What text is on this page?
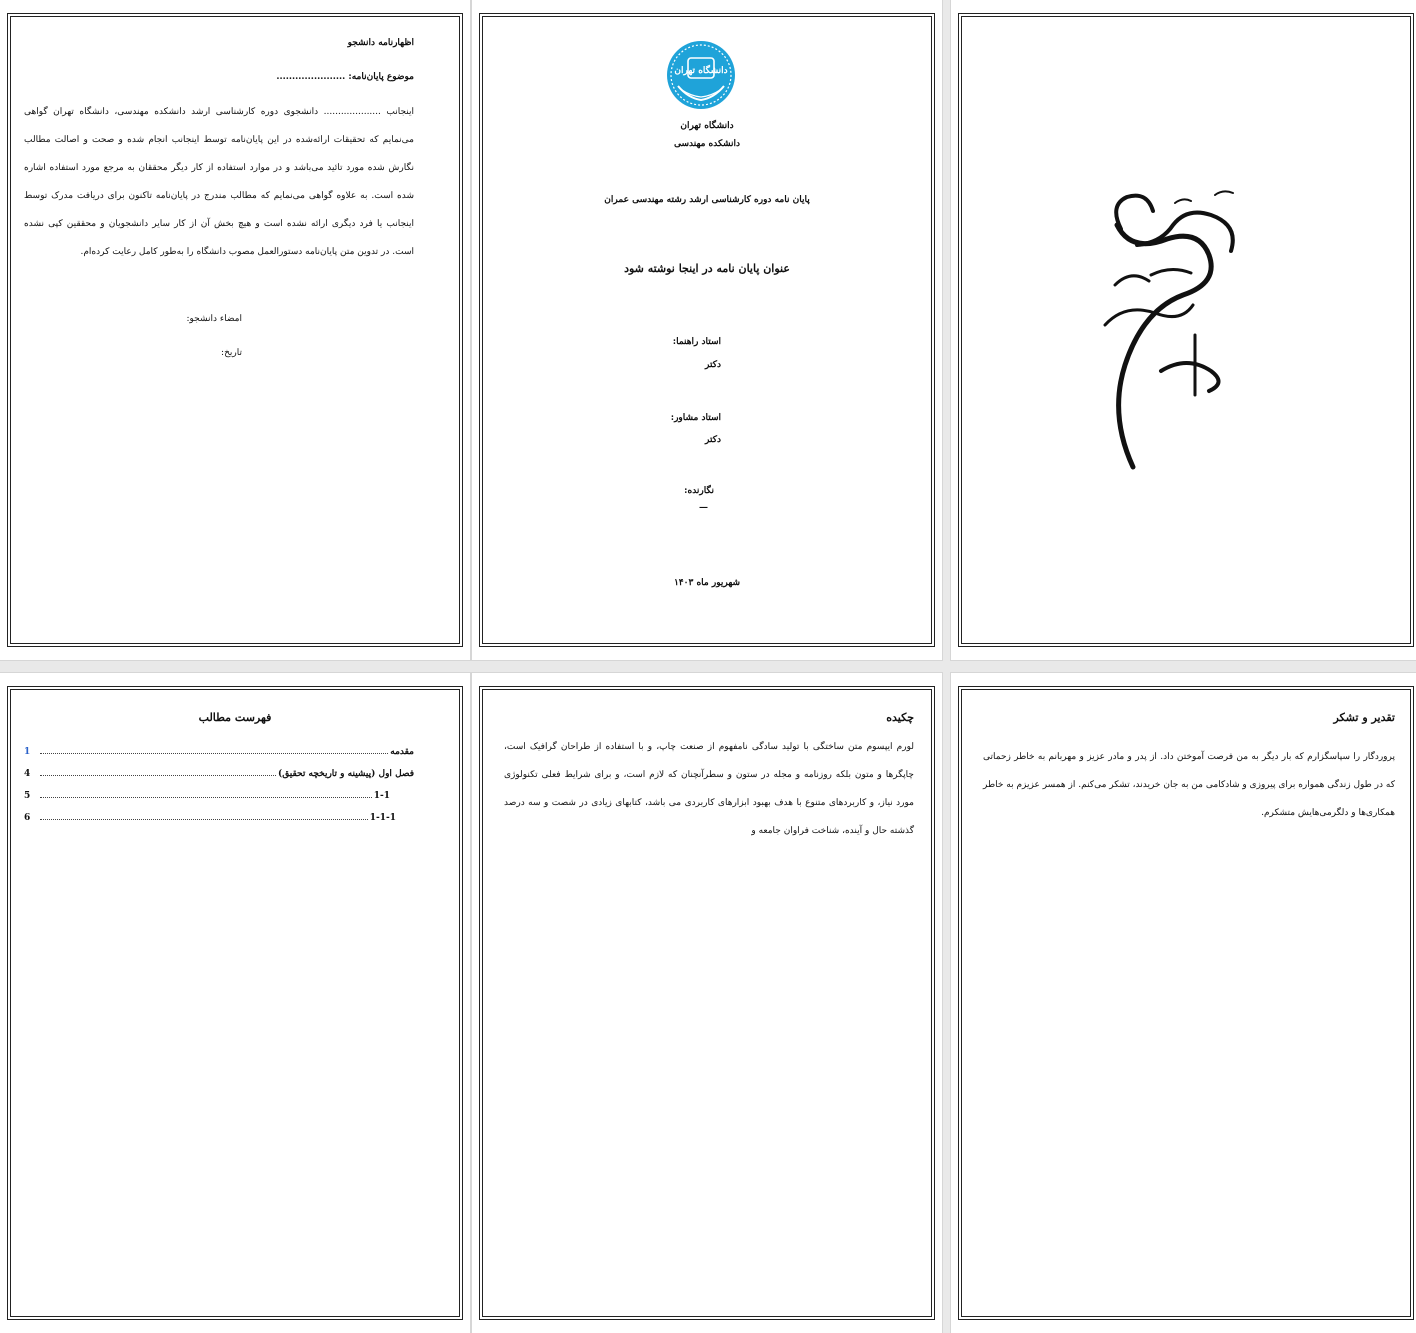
اظهارنامه دانشجو
موضوع پایان‌نامه: ......................
اینجانب .................... دانشجوی دوره کارشناسی ارشد دانشکده مهندسی، دانشگاه تهران گواهی می‌نمایم که تحقیقات ارائه‌شده در این پایان‌نامه توسط اینجانب انجام شده و صحت و اصالت مطالب نگارش شده مورد تائید می‌باشد و در موارد استفاده از کار دیگر محققان به مرجع مورد استفاده اشاره شده است. به علاوه گواهی می‌نمایم که مطالب مندرج در پایان‌نامه تاکنون برای دریافت مدرک توسط اینجانب یا فرد دیگری ارائه نشده است و هیچ بخش آن از کار سایر دانشجویان و محققین کپی نشده است. در تدوین متن پایان‌نامه دستورالعمل مصوب دانشگاه را به‌طور کامل رعایت کرده‌ام.
امضاء دانشجو:
تاریخ:
دانشگاه تهران
دانشگاه تهران
دانشکده مهندسی
پایان نامه دوره کارشناسی ارشد رشته مهندسی عمران
عنوان پایان نامه در اینجا نوشته شود
استاد راهنما:
دکتر
استاد مشاور:
دکتر
نگارنده:
—
شهریور ماه ۱۴۰۳
فهرست مطالب
مقدمه
1
فصل اول (پیشینه و تاریخچه تحقیق)
4
1-1
5
1-1-1
6
چکیده
لورم ایپسوم متن ساختگی با تولید سادگی نامفهوم از صنعت چاپ، و با استفاده از طراحان گرافیک است، چاپگرها و متون بلکه روزنامه و مجله در ستون و سطرآنچنان که لازم است، و برای شرایط فعلی تکنولوژی مورد نیاز، و کاربردهای متنوع با هدف بهبود ابزارهای کاربردی می باشد، کتابهای زیادی در شصت و سه درصد گذشته حال و آینده، شناخت فراوان جامعه و
تقدیر و تشکر
پروردگار را سپاسگزارم که بار دیگر به من فرصت آموختن داد. از پدر و مادر عزیز و مهربانم به خاطر زحماتی که در طول زندگی همواره برای پیروزی و شادکامی من به جان خریدند، تشکر می‌کنم. از همسر عزیزم به خاطر همکاری‌ها و دلگرمی‌هایش متشکرم.
